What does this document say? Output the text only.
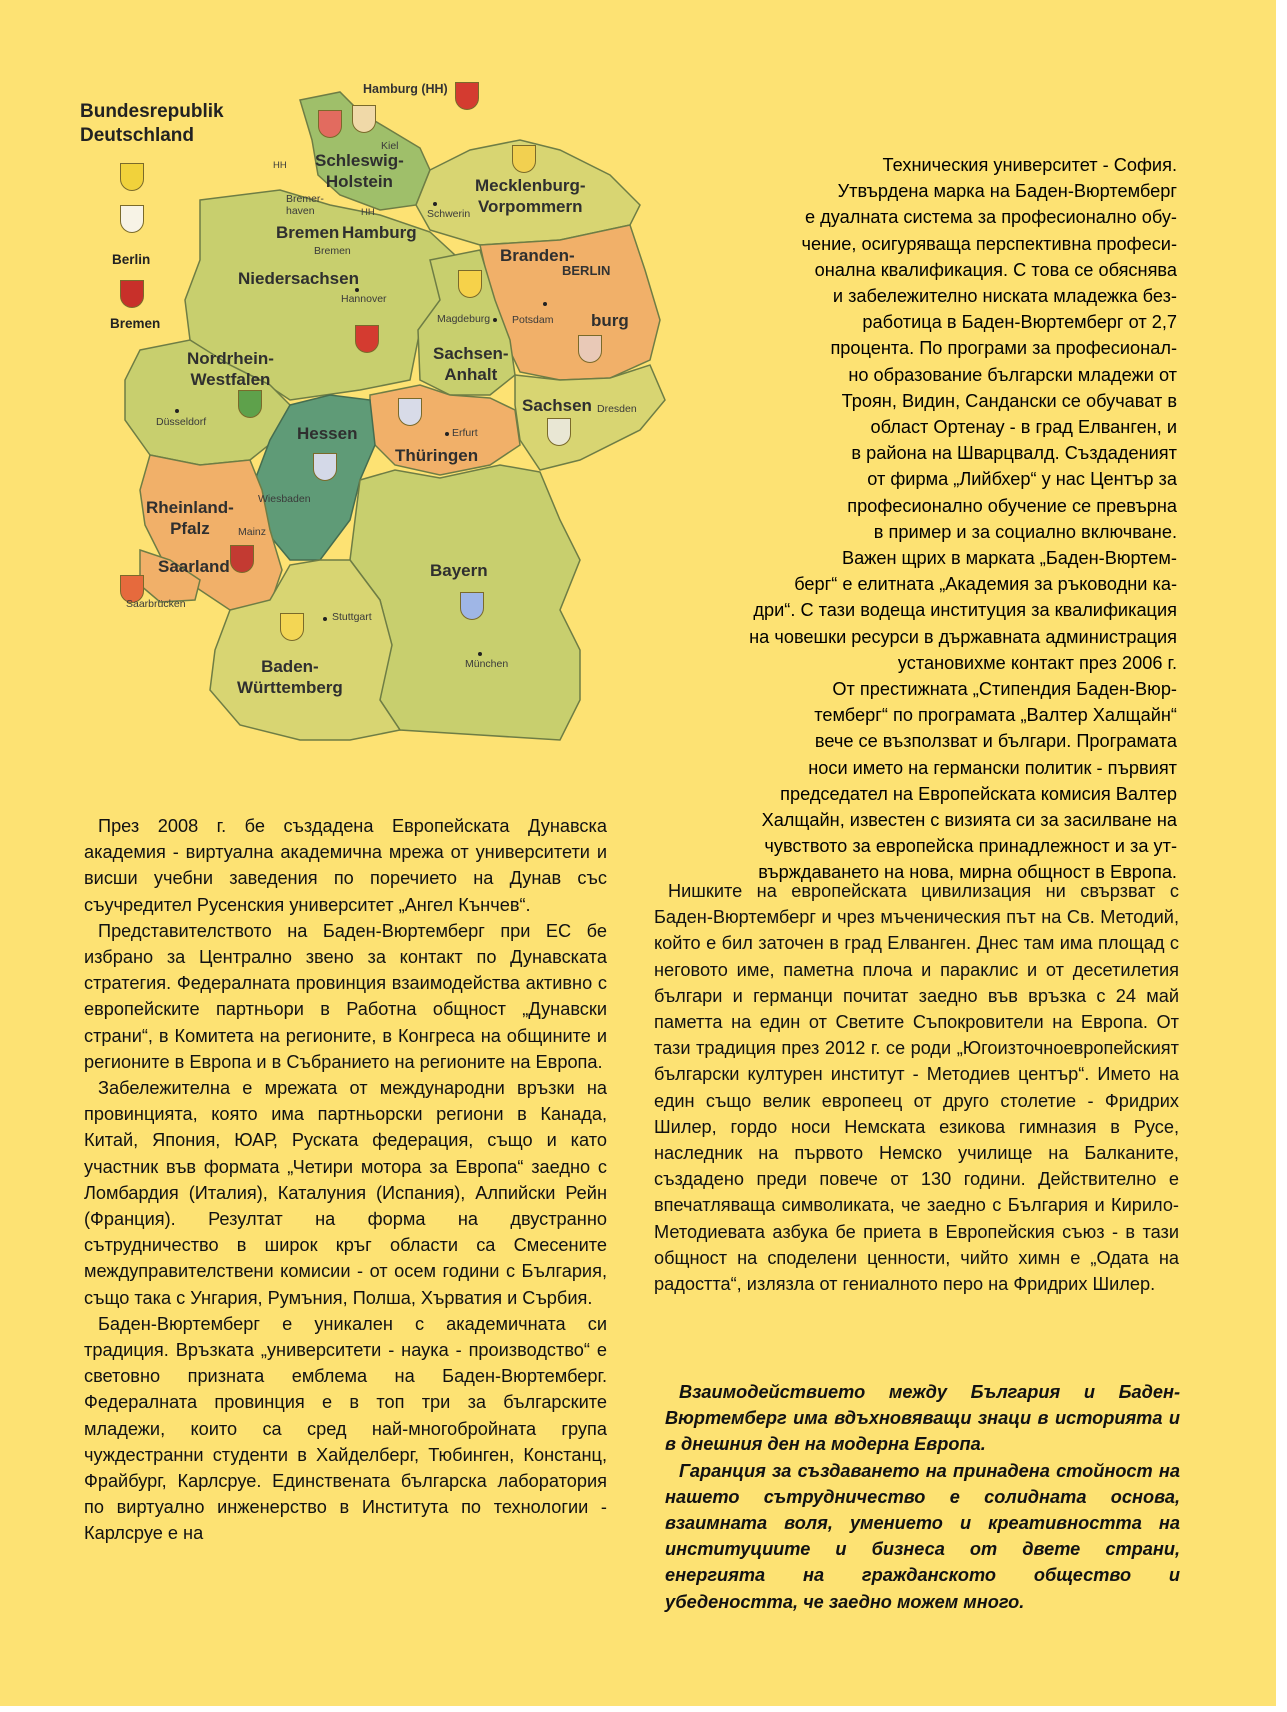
Bundesrepublik
Deutschland
Berlin
Bremen
Hamburg (HH)
Schleswig-
Holstein	Mecklenburg-
Vorpommern
Bremen Hamburg
Branden-
burg
BERLIN
Niedersachsen
Sachsen-
Anhalt
Nordrhein-
Westfalen
Sachsen
Hessen
Thüringen
Rheinland-
Pfalz
Saarland	Bayern
Baden-
Württemberg
Kiel
HH
Bremer-
haven	HH	Schwerin
Bremen
Hannover
Magdeburg Potsdam
Düsseldorf
Dresden
Erfurt
Wiesbaden
Mainz
Saarbrücken
Stuttgart
München

Техническия университет - София.

Утвърдена марка на Баден-Вюртемберг

е дуалната система за професионално обу-

чение, осигуряваща перспективна професи-

онална квалификация. С това се обяснява

и забележително ниската младежка без-

работица в Баден-Вюртемберг от 2,7

процента. По програми за професионал-

но образование български младежи от

Троян, Видин, Сандански се обучават в

област Ортенау - в град Елванген, и

в района на Шварцвалд. Създаденият

от фирма „Лийбхер“ у нас Център за

професионално обучение се превърна

в пример и за социално включване.

Важен щрих в марката „Баден-Вюртем-

берг“ е елитната „Академия за ръководни ка-

дри“. С тази водеща институция за квалификация

на човешки ресурси в държавната администрация

установихме контакт през 2006 г.

От престижната „Стипендия Баден-Вюр-

темберг“ по програмата „Валтер Халщайн“

вече се възползват и българи. Програмата

носи името на германски политик - първият

председател на Европейската комисия Валтер

Халщайн, известен с визията си за засилване на

чувството за европейска принадлежност и за ут-

върждаването на нова, мирна общност в Европа.

През 2008 г. бе създадена Европейската Дунавска академия - виртуална академична мрежа от университети и висши учебни заведения по поречието на Дунав със съучредител Русенския университет „Ангел Кънчев“.

Представителството на Баден-Вюртемберг при ЕС бе избрано за Централно звено за контакт по Дунавската стратегия. Федералната провинция взаимодейства активно с европейските партньори в Работна общност „Дунавски страни“, в Комитета на регионите, в Конгреса на общините и регионите в Европа и в Събранието на регионите на Европа.

Забележителна е мрежата от международни връзки на провинцията, която има партньорски региони в Канада, Китай, Япония, ЮАР, Руската федерация, също и като участник във формата „Четири мотора за Европа“ заедно с Ломбардия (Италия), Каталуния (Испания), Алпийски Рейн (Франция). Резултат на форма на двустранно сътрудничество в широк кръг области са Смесените междуправителствени комисии - от осем години с България, също така с Унгария, Румъния, Полша, Хърватия и Сърбия.

Баден-Вюртемберг е уникален с академичната си традиция. Връзката „университети - наука - производство“ е световно признатa емблема на Баден-Вюртемберг. Федералната провинция е в топ три за българските младежи, които са сред най-многобройната група чуждестранни студенти в Хайделберг, Тюбинген, Констанц, Фрайбург, Карлсруе. Единствената българска лаборатория по виртуално инженерство в Института по технологии - Карлсруе е на

Нишките на европейската цивилизация ни свързват с Баден-Вюртемберг и чрез мъченическия път на Св. Методий, който е бил заточен в град Елванген. Днес там има площад с неговото име, паметна плоча и параклис и от десетилетия българи и германци почитат заедно във връзка с 24 май паметта на един от Светите Съпокровители на Европа. От тази традиция през 2012 г. се роди „Югоизточноевропейският български културен институт - Методиев център“. Името на един също велик европеец от друго столетие - Фридрих Шилер, гордо носи Немската езикова гимназия в Русе, наследник на първото Немско училище на Балканите, създадено преди повече от 130 години. Действително е впечатляваща символиката, че заедно с България и Кирило-Методиевата азбука бе приета в Европейския съюз - в тази общност на споделени ценности, чийто химн е „Одата на радостта“, излязла от гениалното перо на Фридрих Шилер.

Взаимодействието между България и Баден-Вюртемберг има вдъхновяващи знаци в историята и в днешния ден на модерна Европа.

Гаранция за създаването на принадена стойност на нашето сътрудничество е солидната основа, взаимната воля, умението и креативността на институциите и бизнеса от двете страни, енергията на гражданското общество и убедеността, че заедно можем много.
